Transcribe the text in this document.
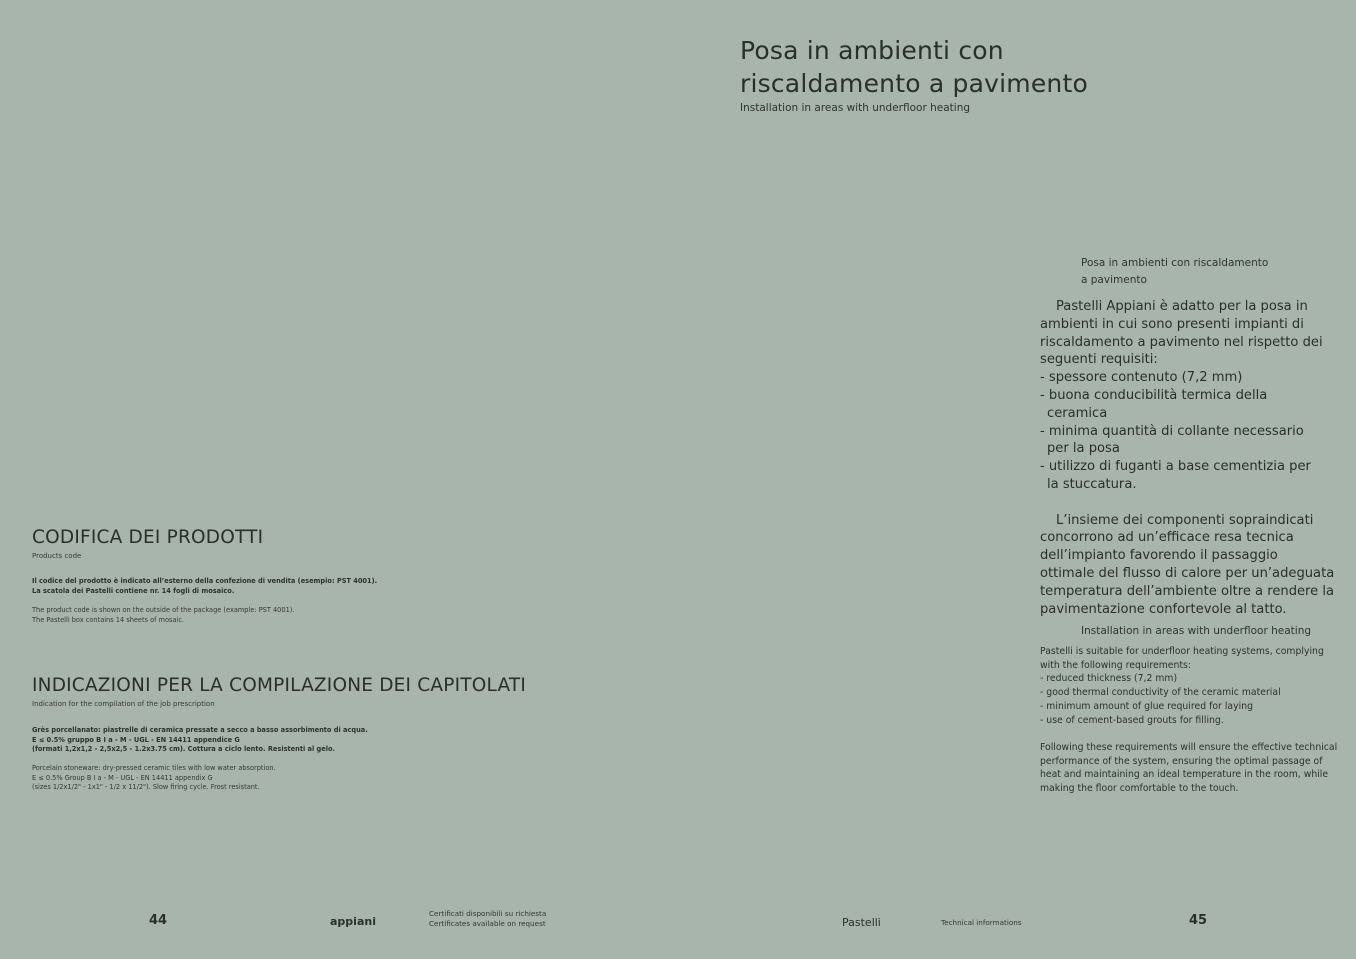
Posa in ambienti con
riscaldamento a pavimento
Installation in areas with underfloor heating
Posa in ambienti con riscaldamento
a pavimento
Pastelli Appiani è adatto per la posa in
ambienti in cui sono presenti impianti di
riscaldamento a pavimento nel rispetto dei
seguenti requisiti:
- spessore contenuto (7,2 mm)
- buona conducibilità termica della
ceramica
- minima quantità di collante necessario
per la posa
- utilizzo di fuganti a base cementizia per
la stuccatura.

L’insieme dei componenti sopraindicati
concorrono ad un’efficace resa tecnica
dell’impianto favorendo il passaggio
ottimale del flusso di calore per un’adeguata
temperatura dell’ambiente oltre a rendere la
pavimentazione confortevole al tatto.
Installation in areas with underfloor heating
Pastelli is suitable for underfloor heating systems, complying
with the following requirements:
- reduced thickness (7,2 mm)
- good thermal conductivity of the ceramic material
- minimum amount of glue required for laying
- use of cement-based grouts for filling.

Following these requirements will ensure the effective technical
performance of the system, ensuring the optimal passage of
heat and maintaining an ideal temperature in the room, while
making the floor comfortable to the touch.
CODIFICA DEI PRODOTTI
Products code
Il codice del prodotto è indicato all’esterno della confezione di vendita (esempio: PST 4001).
La scatola dei Pastelli contiene nr. 14 fogli di mosaico.
The product code is shown on the outside of the package (example: PST 4001).
The Pastelli box contains 14 sheets of mosaic.
INDICAZIONI PER LA COMPILAZIONE DEI CAPITOLATI
Indication for the compilation of the job prescription
Grès porcellanato: piastrelle di ceramica pressate a secco a basso assorbimento di acqua.
E ≤ 0.5% gruppo B I a - M - UGL - EN 14411 appendice G
(formati 1,2x1,2 - 2,5x2,5 - 1.2x3.75 cm). Cottura a ciclo lento. Resistenti al gelo.
Porcelain stoneware: dry-pressed ceramic tiles with low water absorption.
E ≤ 0.5% Group B I a - M - UGL - EN 14411 appendix G
(sizes 1/2x1/2" - 1x1" - 1/2 x 11/2"). Slow firing cycle. Frost resistant.
44	appiani
Certificati disponibili su richiesta
Certificates available on request	Pastelli	Technical informations	45
